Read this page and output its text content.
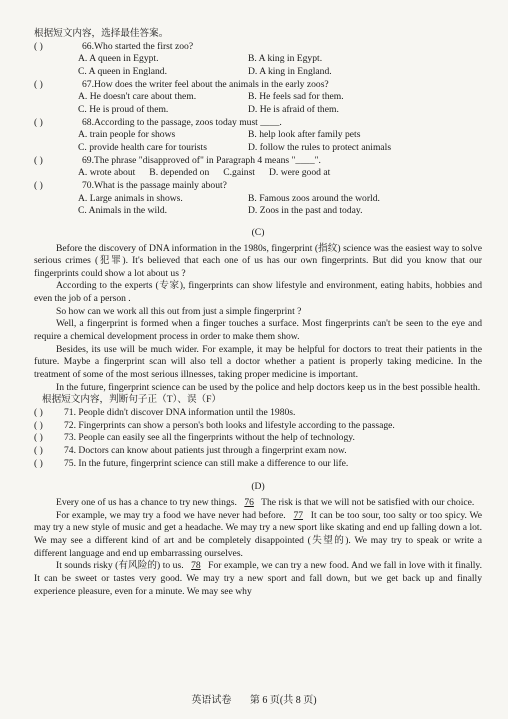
根据短文内容，选择最佳答案。
( )	66.Who started the first zoo?
A. A queen in Egypt.	B. A king in Egypt.
C. A queen in England.	D. A king in England.
( )	67.How does the writer feel about the animals in the early zoos?
A. He doesn't care about them.	B. He feels sad for them.
C. He is proud of them.	D. He is afraid of them.
( )	68.According to the passage, zoos today must ____.
A. train people for shows	B. help look after family pets
C. provide health care for tourists	D. follow the rules to protect animals
( )	69.The phrase "disapproved of" in Paragraph 4 means "____".
A. wrote about B. depended on C.gainst D. were good at
( )	70.What is the passage mainly about?
A. Large animals in shows.	B. Famous zoos around the world.
C. Animals in the wild.	D. Zoos in the past and today.
(C)

Before the discovery of DNA information in the 1980s, fingerprint (指纹) science was the easiest way to solve serious crimes (犯罪). It's believed that each one of us has our own fingerprints. But did you know that our fingerprints could show a lot about us ?

According to the experts (专家), fingerprints can show lifestyle and environment, eating habits, hobbies and even the job of a person .

So how can we work all this out from just a simple fingerprint ?

Well, a fingerprint is formed when a finger touches a surface. Most fingerprints can't be seen to the eye and require a chemical development process in order to make them show.

Besides, its use will be much wider. For example, it may be helpful for doctors to treat their patients in the future. Maybe a fingerprint scan will also tell a doctor whether a patient is properly taking medicine. In the treatment of some of the most serious illnesses, taking proper medicine is important.

In the future, fingerprint science can be used by the police and help doctors keep us in the best possible health.

根据短文内容，判断句子正（T）、误（F）
( )	71. People didn't discover DNA information until the 1980s.
( )	72. Fingerprints can show a person's both looks and lifestyle according to the passage.
( )	73. People can easily see all the fingerprints without the help of technology.
( )	74. Doctors can know about patients just through a fingerprint exam now.
( )	75. In the future, fingerprint science can still make a difference to our life.
(D)

Every one of us has a chance to try new things. 76 The risk is that we will not be satisfied with our choice.

For example, we may try a food we have never had before. 77 It can be too sour, too salty or too spicy. We may try a new style of music and get a headache. We may try a new sport like skating and end up falling down a lot. We may see a different kind of art and be completely disappointed (失望的). We may try to speak or write a different language and end up embarrassing ourselves.

It sounds risky (有风险的) to us. 78 For example, we can try a new food. And we fall in love with it finally. It can be sweet or tastes very good. We may try a new sport and fall down, but we get back up and finally experience pleasure, even for a minute. We may see why

英语试卷 第 6 页(共 8 页)
